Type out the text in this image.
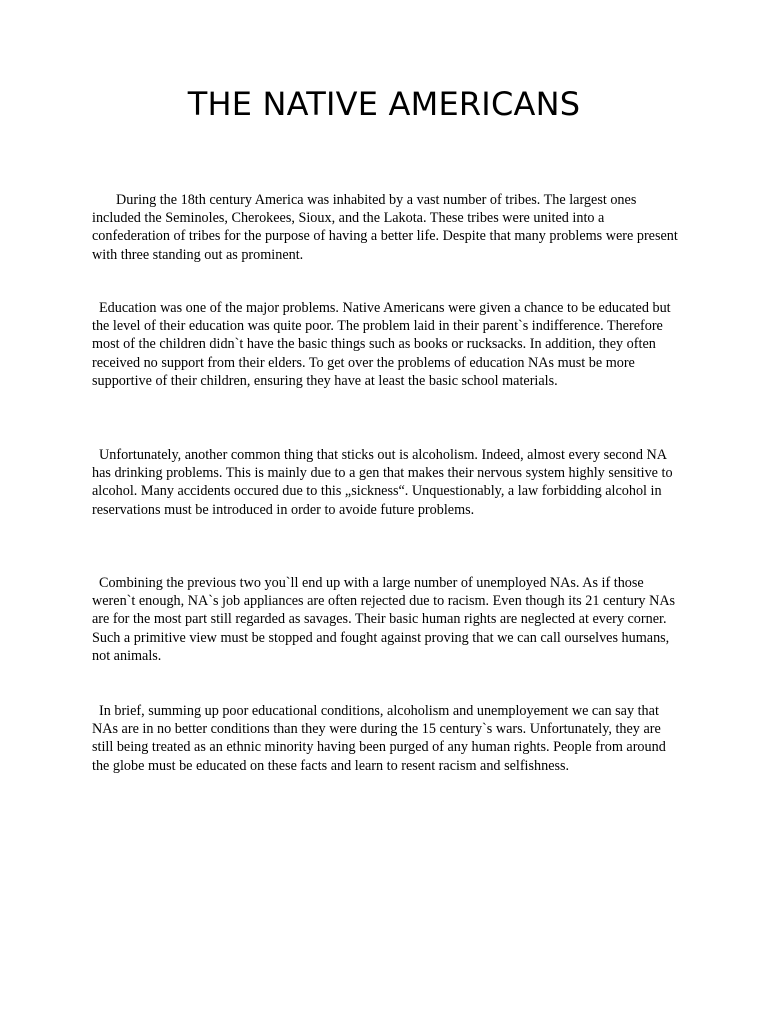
THE NATIVE AMERICANS

During the 18th century America was inhabited by a vast number of tribes. The largest ones included the Seminoles, Cherokees, Sioux, and the Lakota. These tribes were united into a confederation of tribes for the purpose of having a better life. Despite that many problems were present with three standing out as prominent.

Education was one of the major problems. Native Americans were given a chance to be educated but the level of their education was quite poor. The problem laid in their parent`s indifference. Therefore most of the children didn`t have the basic things such as books or rucksacks. In addition, they often received no support from their elders. To get over the problems of education NAs must be more supportive of their children, ensuring they have at least the basic school materials.

Unfortunately, another common thing that sticks out is alcoholism. Indeed, almost every second NA has drinking problems. This is mainly due to a gen that makes their nervous system highly sensitive to alcohol. Many accidents occured due to this „sickness“. Unquestionably, a law forbidding alcohol in reservations must be introduced in order to avoide future problems.

Combining the previous two you`ll end up with a large number of unemployed NAs. As if those weren`t enough, NA`s job appliances are often rejected due to racism. Even though its 21 century NAs are for the most part still regarded as savages. Their basic human rights are neglected at every corner. Such a primitive view must be stopped and fought against proving that we can call ourselves humans, not animals.

In brief, summing up poor educational conditions, alcoholism and unemployement we can say that NAs are in no better conditions than they were during the 15 century`s wars. Unfortunately, they are still being treated as an ethnic minority having been purged of any human rights. People from around the globe must be educated on these facts and learn to resent racism and selfishness.
